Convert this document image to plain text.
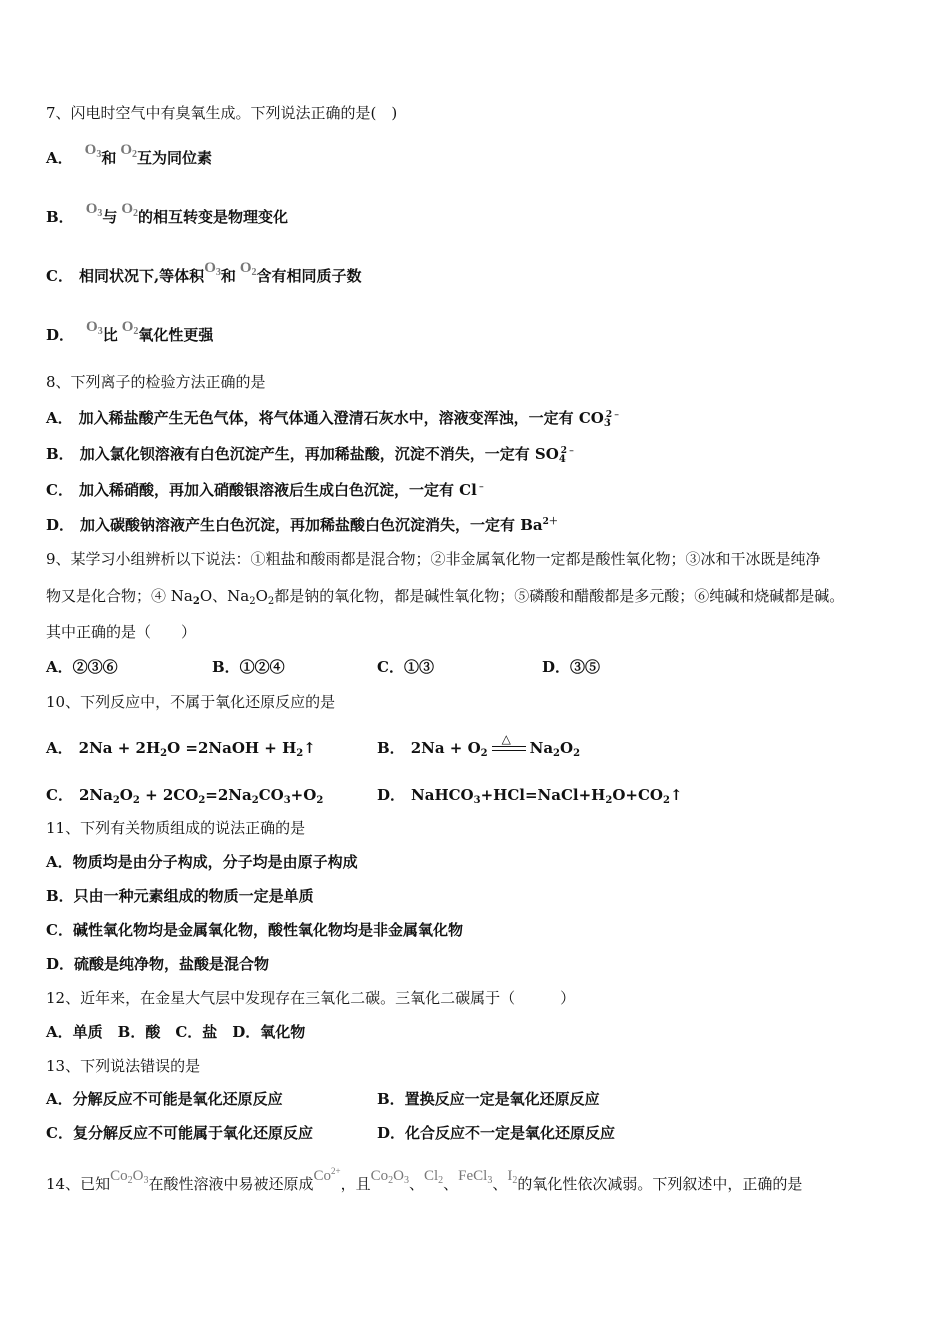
7、闪电时空气中有臭氧生成。下列说法正确的是(　)
A． $O_3$和 $O_2$互为同位素
B． $O_3$与 $O_2$的相互转变是物理变化
C． 相同状况下,等体积$O_3$和 $O_2$含有相同质子数
D． $O_3$比 $O_2$氧化性更强
8、下列离子的检验方法正确的是
A． 加入稀盐酸产生无色气体，将气体通入澄清石灰水中，溶液变浑浊，一定有 $CO_3^{2﹣}$
B． 加入氯化钡溶液有白色沉淀产生，再加稀盐酸，沉淀不消失，一定有 $SO_4^{2﹣}$
C． 加入稀硝酸，再加入硝酸银溶液后生成白色沉淀，一定有 Cl﹣
D． 加入碳酸钠溶液产生白色沉淀，再加稀盐酸白色沉淀消失，一定有 $Ba^{2+}$
9、某学习小组辨析以下说法：①粗盐和酸雨都是混合物；②非金属氧化物一定都是酸性氧化物；③冰和干冰既是纯净
物又是化合物；④ $Na_2O$、$Na_2O_2$都是钠的氧化物，都是碱性氧化物；⑤磷酸和醋酸都是多元酸；⑥纯碱和烧碱都是碱。
其中正确的是（　　）
A．②③⑥	B．①②④	C．①③	D．③⑤
10、下列反应中，不属于氧化还原反应的是
A． $2Na + 2H_2O$ =2NaOH + $H_2↑$	B． $2Na + O_2$
△ $Na_2O_2$
C． $2Na_2O_2 + 2CO_2=2Na_2CO_3+O_2$	D． $NaHCO_3+HCl=NaCl+H_2O+CO_2↑$
11、下列有关物质组成的说法正确的是
A．物质均是由分子构成，分子均是由原子构成
B．只由一种元素组成的物质一定是单质
C．碱性氧化物均是金属氧化物，酸性氧化物均是非金属氧化物
D．硫酸是纯净物，盐酸是混合物
12、近年来，在金星大气层中发现存在三氧化二碳。三氧化二碳属于（　　　）
A．单质　B．酸　C．盐　D．氧化物
13、下列说法错误的是
A．分解反应不可能是氧化还原反应	B．置换反应一定是氧化还原反应
C．复分解反应不可能属于氧化还原反应	D．化合反应不一定是氧化还原反应
14、已知$Co_2O_3$在酸性溶液中易被还原成$Co^{2+}$，且$Co_2O_3$、$Cl_2$、FeCl$_3$、$I_2$的氧化性依次减弱。下列叙述中，正确的是
